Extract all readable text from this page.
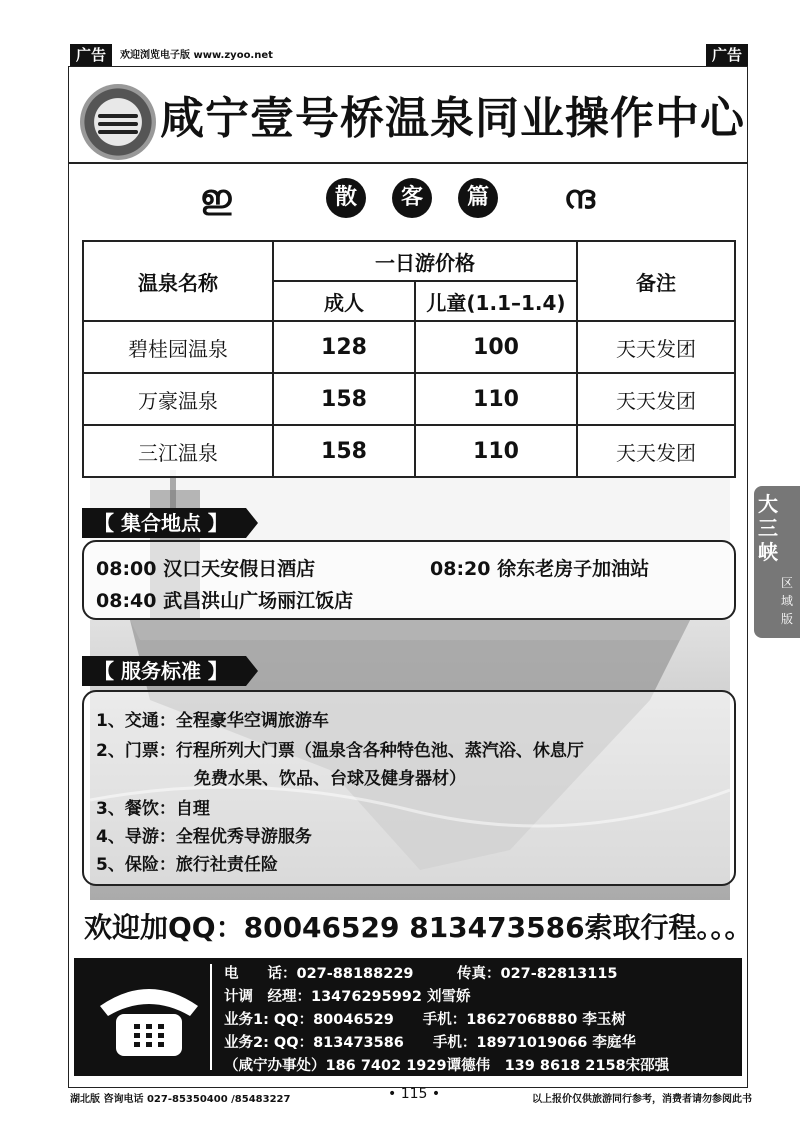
广告	欢迎浏览电子版 www.zyoo.net	广告
咸宁壹号桥温泉同业操作中心
ഇ	散	客	篇 ന്ദ
温泉名称	一日游价格		备注
	成人	儿童(1.1–1.4)	
碧桂园温泉	128	100	天天发团
万豪温泉	158	110	天天发团
三江温泉	158	110	天天发团
【 集合地点 】
08:00 汉口天安假日酒店	08:20 徐东老房子加油站
08:40 武昌洪山广场丽江饭店
【 服务标准 】
1、交通：全程豪华空调旅游车
2、门票：行程所列大门票（温泉含各种特色池、蒸汽浴、休息厅
免费水果、饮品、台球及健身器材）
3、餐饮：自理
4、导游：全程优秀导游服务
5、保险：旅行社责任险
欢迎加QQ：80046529 813473586索取行程。。。
电　　话：027-88188229　　　传真：027-82813115
计调　经理：13476295992 刘雪娇
业务1: QQ：80046529　　手机：18627068880 李玉树
业务2: QQ：813473586　　手机：18971019066 李庭华
（咸宁办事处）186 7402 1929谭德伟　139 8618 2158宋邵强
大三峡
区域版
湖北版 咨询电话 027-85350400 /85483227	• 115 •	以上报价仅供旅游同行参考，消费者请勿参阅此书
